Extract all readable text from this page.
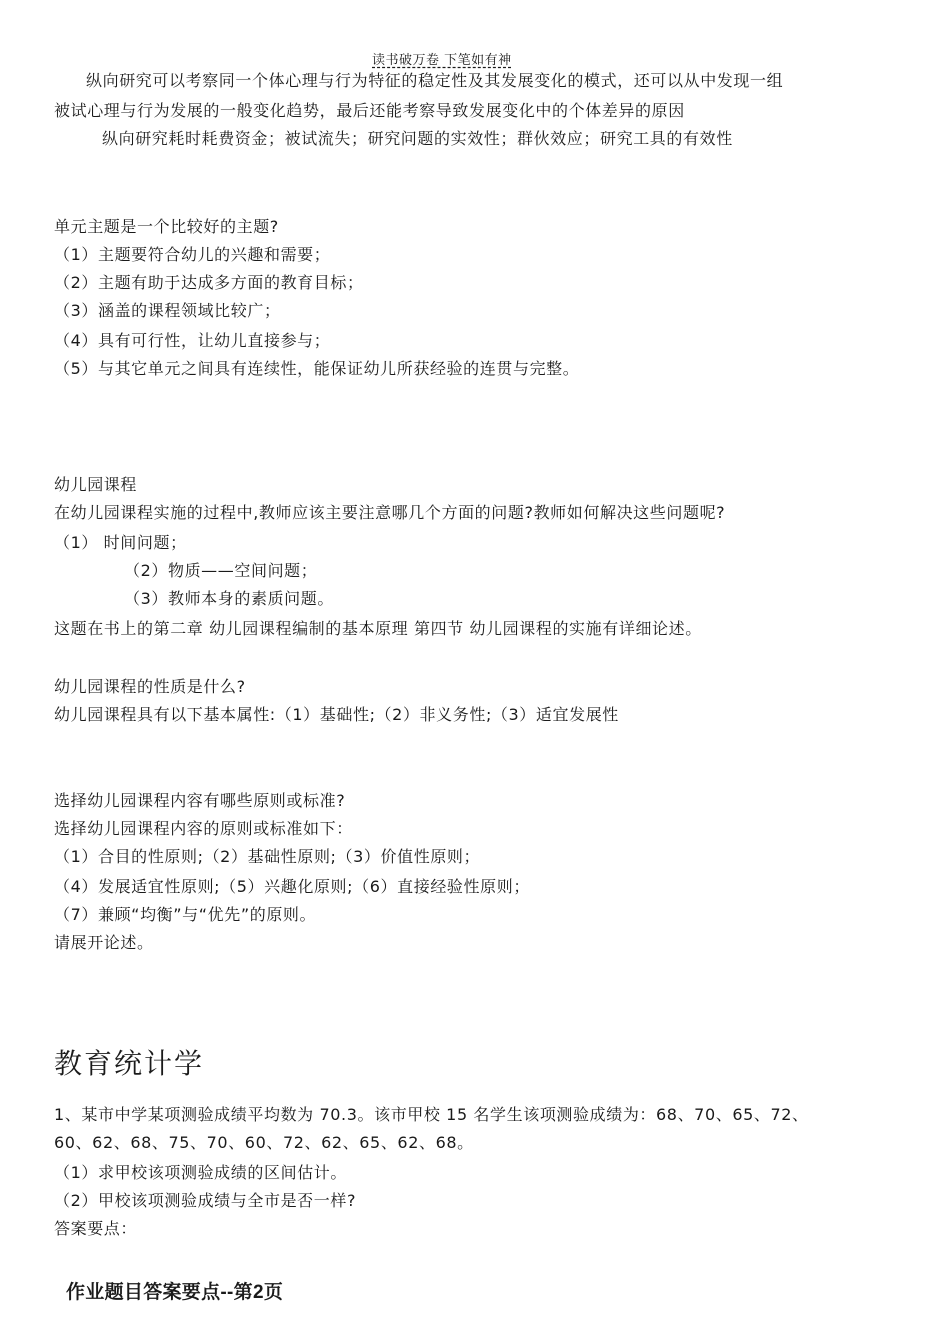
读书破万卷 下笔如有神
纵向研究可以考察同一个体心理与行为特征的稳定性及其发展变化的模式，还可以从中发现一组
被试心理与行为发展的一般变化趋势，最后还能考察导致发展变化中的个体差异的原因
纵向研究耗时耗费资金；被试流失；研究问题的实效性；群伙效应；研究工具的有效性
单元主题是一个比较好的主题?
（1）主题要符合幼儿的兴趣和需要；
（2）主题有助于达成多方面的教育目标；
（3）涵盖的课程领域比较广；
（4）具有可行性，让幼儿直接参与；
（5）与其它单元之间具有连续性，能保证幼儿所获经验的连贯与完整。
幼儿园课程
在幼儿园课程实施的过程中,教师应该主要注意哪几个方面的问题?教师如何解决这些问题呢?
（1） 时间问题；
（2）物质——空间问题；
（3）教师本身的素质问题。
这题在书上的第二章 幼儿园课程编制的基本原理 第四节 幼儿园课程的实施有详细论述。
幼儿园课程的性质是什么?
幼儿园课程具有以下基本属性:（1）基础性;（2）非义务性;（3）适宜发展性
选择幼儿园课程内容有哪些原则或标准?
选择幼儿园课程内容的原则或标准如下：
（1）合目的性原则;（2）基础性原则;（3）价值性原则；
（4）发展适宜性原则;（5）兴趣化原则;（6）直接经验性原则；
（7）兼顾“均衡”与“优先”的原则。
请展开论述。
教育统计学
1、某市中学某项测验成绩平均数为 70.3。该市甲校 15 名学生该项测验成绩为：68、70、65、72、
60、62、68、75、70、60、72、62、65、62、68。
（1）求甲校该项测验成绩的区间估计。
（2）甲校该项测验成绩与全市是否一样?
答案要点：
作业题目答案要点--第2页
